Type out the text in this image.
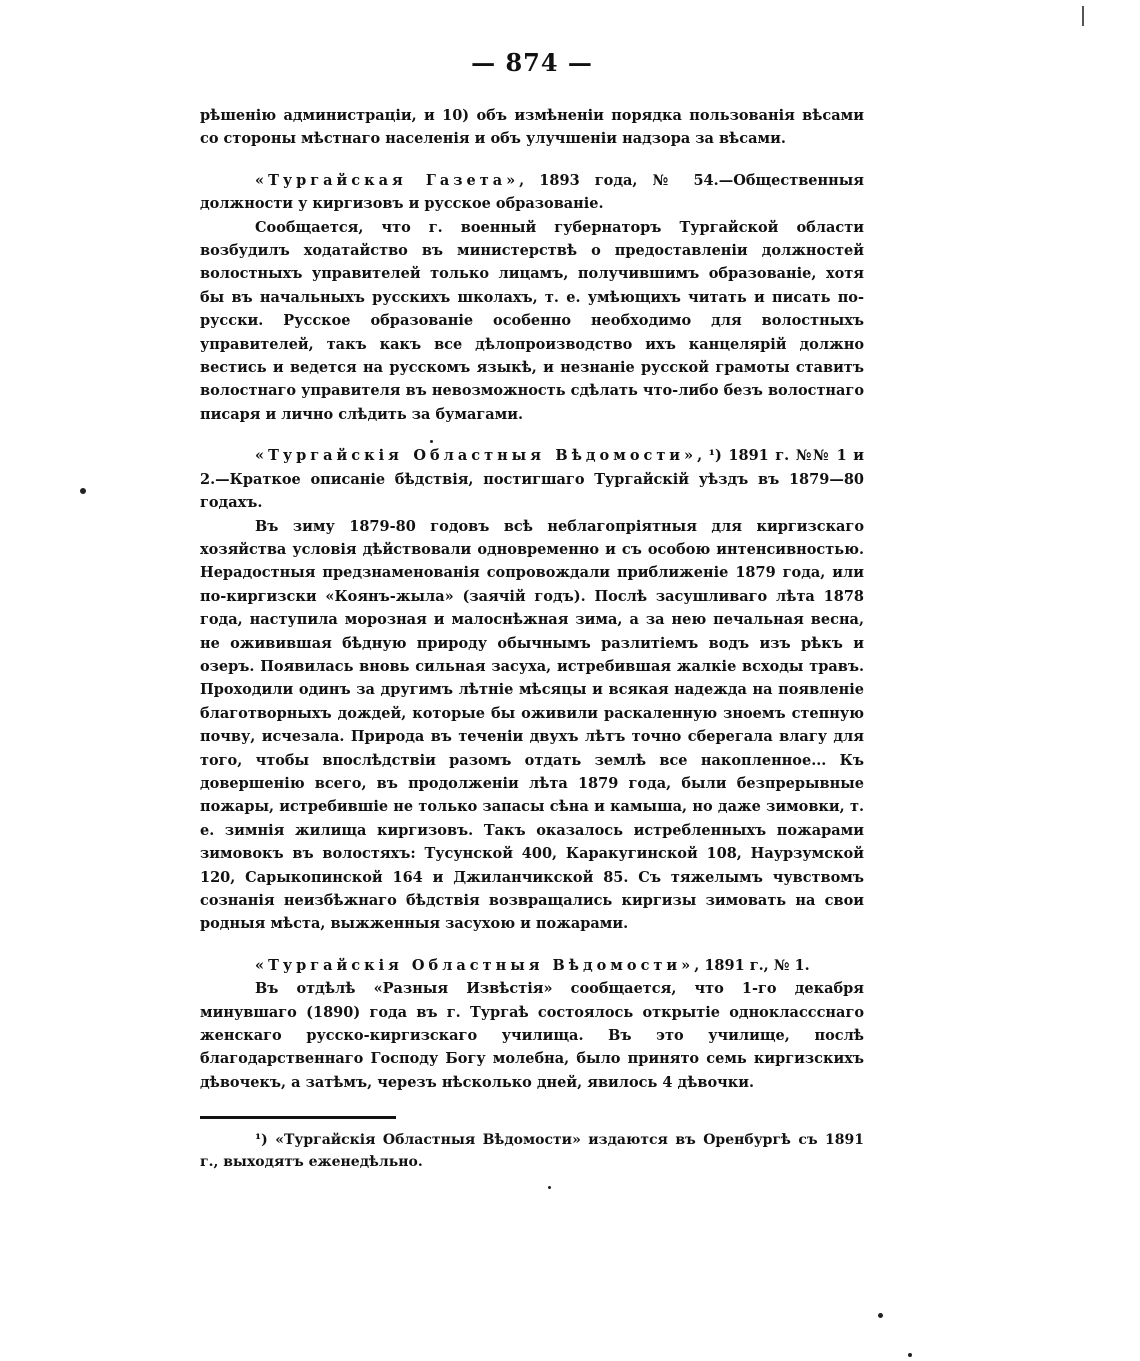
— 874 —

рѣшенію администраціи, и 10) объ измѣненіи порядка пользованія вѣсами со стороны мѣстнаго населенія и объ улучшеніи надзора за вѣсами.

«Тургайская Газета», 1893 года, № 54.—Общественныя должности у киргизовъ и русское образованіе.

Сообщается, что г. военный губернаторъ Тургайской области возбудилъ ходатайство въ министерствѣ о предоставленіи должностей волостныхъ управителей только лицамъ, получившимъ образованіе, хотя бы въ начальныхъ русскихъ школахъ, т. е. умѣющихъ читать и писать по-русски. Русское образованіе особенно необходимо для волостныхъ управителей, такъ какъ все дѣлопроизводство ихъ канцелярій должно вестись и ведется на русскомъ языкѣ, и незнаніе русской грамоты ставитъ волостнаго управителя въ невозможность сдѣлать что-либо безъ волостнаго писаря и лично слѣдить за бумагами.

«Тургайскія Областныя Вѣдомости», ¹) 1891 г. №№ 1 и 2.—Краткое описаніе бѣдствія, постигшаго Тургайскій уѣздъ въ 1879—80 годахъ.

Въ зиму 1879-80 годовъ всѣ неблагопріятныя для киргизскаго хозяйства условія дѣйствовали одновременно и съ особою интенсивностью. Нерадостныя предзнаменованія сопровождали приближеніе 1879 года, или по-киргизски «Коянъ-жыла» (заячій годъ). Послѣ засушливаго лѣта 1878 года, наступила морозная и малоснѣжная зима, а за нею печальная весна, не оживившая бѣдную природу обычнымъ разлитіемъ водъ изъ рѣкъ и озеръ. Появилась вновь сильная засуха, истребившая жалкіе всходы травъ. Проходили одинъ за другимъ лѣтніе мѣсяцы и всякая надежда на появленіе благотворныхъ дождей, которые бы оживили раскаленную зноемъ степную почву, исчезала. Природа въ теченіи двухъ лѣтъ точно сберегала влагу для того, чтобы впослѣдствіи разомъ отдать землѣ все накопленное... Къ довершенію всего, въ продолженіи лѣта 1879 года, были безпрерывные пожары, истребившіе не только запасы сѣна и камыша, но даже зимовки, т. е. зимнія жилища киргизовъ. Такъ оказалось истребленныхъ пожарами зимовокъ въ волостяхъ: Тусунской 400, Каракугинской 108, Наурзумской 120, Сарыкопинской 164 и Джиланчикской 85. Съ тяжелымъ чувствомъ сознанія неизбѣжнаго бѣдствія возвращались киргизы зимовать на свои родныя мѣста, выжженныя засухою и пожарами.

«Тургайскія Областныя Вѣдомости», 1891 г., № 1.

Въ отдѣлѣ «Разныя Извѣстія» сообщается, что 1-го декабря минувшаго (1890) года въ г. Тургаѣ состоялось открытіе одноклассснаго женскаго русско-киргизскаго училища. Въ это училище, послѣ благодарственнаго Господу Богу молебна, было принято семь киргизскихъ дѣвочекъ, а затѣмъ, черезъ нѣсколько дней, явилось 4 дѣвочки.

¹) «Тургайскія Областныя Вѣдомости» издаются въ Оренбургѣ съ 1891 г., выходятъ еженедѣльно.
